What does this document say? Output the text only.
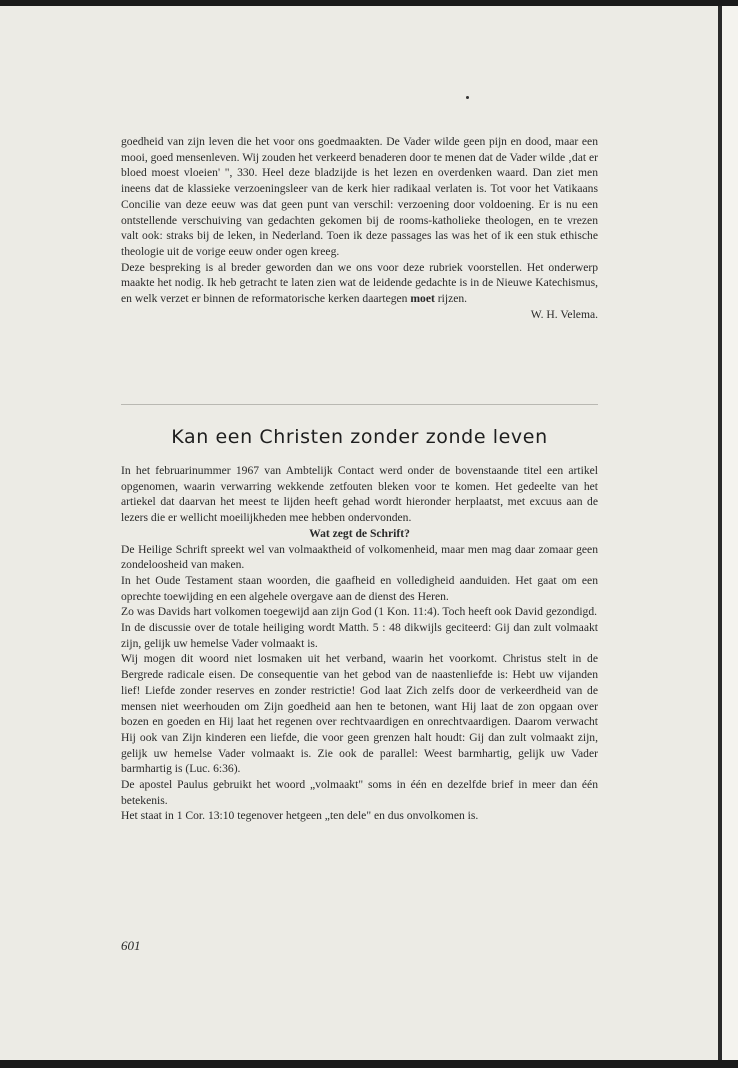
goedheid van zijn leven die het voor ons goedmaakten. De Vader wilde geen pijn en dood, maar een mooi, goed mensenleven. Wij zouden het verkeerd benaderen door te menen dat de Vader wilde ‚dat er bloed moest vloeien' ", 330. Heel deze bladzijde is het lezen en overdenken waard. Dan ziet men ineens dat de klassieke verzoeningsleer van de kerk hier radikaal verlaten is. Tot voor het Vatikaans Concilie van deze eeuw was dat geen punt van verschil: verzoening door voldoening. Er is nu een ontstellende verschuiving van gedachten gekomen bij de rooms-katholieke theologen, en te vrezen valt ook: straks bij de leken, in Nederland. Toen ik deze passages las was het of ik een stuk ethische theologie uit de vorige eeuw onder ogen kreeg.

Deze bespreking is al breder geworden dan we ons voor deze rubriek voorstellen. Het onderwerp maakte het nodig. Ik heb getracht te laten zien wat de leidende gedachte is in de Nieuwe Katechismus, en welk verzet er binnen de reformatorische kerken daartegen moet rijzen.

W. H. Velema.

Kan een Christen zonder zonde leven

In het februarinummer 1967 van Ambtelijk Contact werd onder de bovenstaande titel een artikel opgenomen, waarin verwarring wekkende zetfouten bleken voor te komen. Het gedeelte van het artiekel dat daarvan het meest te lijden heeft gehad wordt hieronder herplaatst, met excuus aan de lezers die er wellicht moeilijkheden mee hebben ondervonden.

Wat zegt de Schrift?

De Heilige Schrift spreekt wel van volmaaktheid of volkomenheid, maar men mag daar zomaar geen zondeloosheid van maken.

In het Oude Testament staan woorden, die gaafheid en volledigheid aanduiden. Het gaat om een oprechte toewijding en een algehele overgave aan de dienst des Heren.

Zo was Davids hart volkomen toegewijd aan zijn God (1 Kon. 11:4). Toch heeft ook David gezondigd.

In de discussie over de totale heiliging wordt Matth. 5 : 48 dikwijls geciteerd: Gij dan zult volmaakt zijn, gelijk uw hemelse Vader volmaakt is.

Wij mogen dit woord niet losmaken uit het verband, waarin het voorkomt. Christus stelt in de Bergrede radicale eisen. De consequentie van het gebod van de naastenliefde is: Hebt uw vijanden lief! Liefde zonder reserves en zonder restrictie! God laat Zich zelfs door de verkeerdheid van de mensen niet weerhouden om Zijn goedheid aan hen te betonen, want Hij laat de zon opgaan over bozen en goeden en Hij laat het regenen over rechtvaardigen en onrechtvaardigen. Daarom verwacht Hij ook van Zijn kinderen een liefde, die voor geen grenzen halt houdt: Gij dan zult volmaakt zijn, gelijk uw hemelse Vader volmaakt is. Zie ook de parallel: Weest barmhartig, gelijk uw Vader barmhartig is (Luc. 6:36).

De apostel Paulus gebruikt het woord „volmaakt" soms in één en dezelfde brief in meer dan één betekenis.

Het staat in 1 Cor. 13:10 tegenover hetgeen „ten dele" en dus onvolkomen is.

601
